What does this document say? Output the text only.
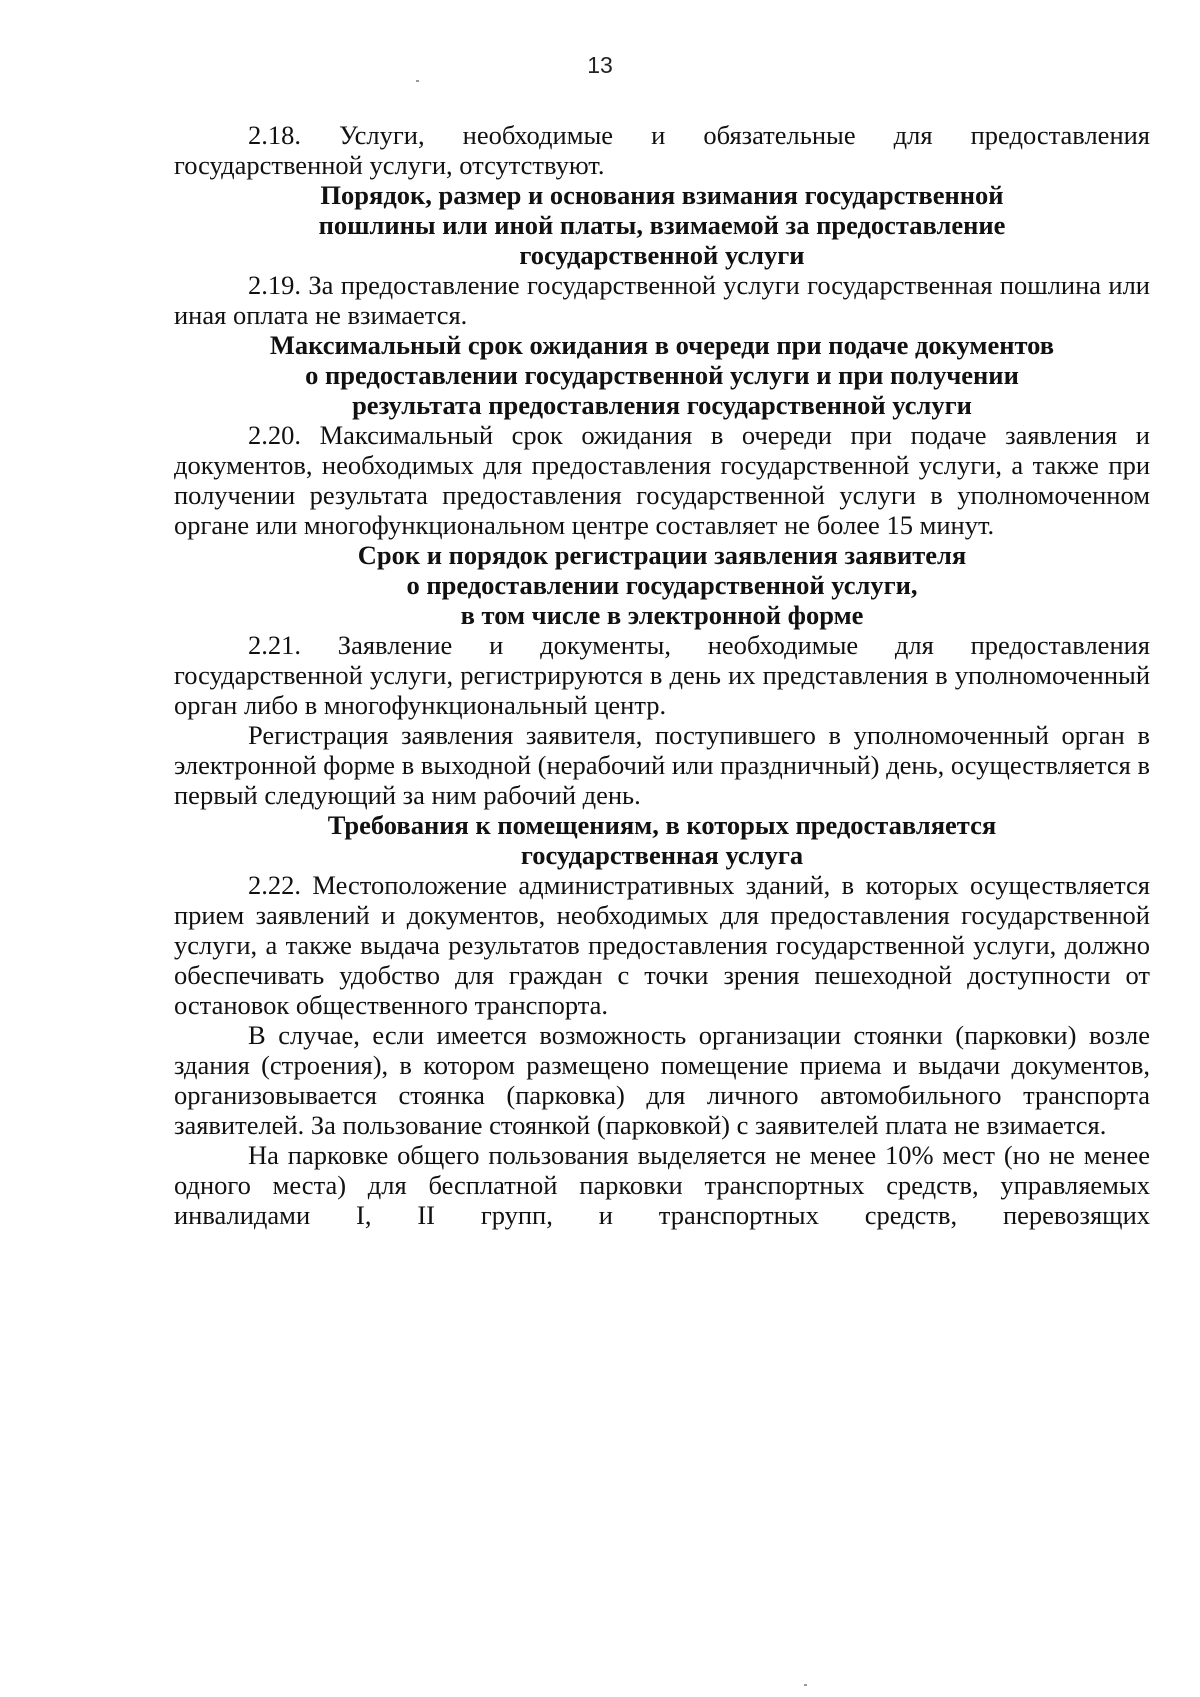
13

2.18. Услуги, необходимые и обязательные для предоставления государственной услуги, отсутствуют.

Порядок, размер и основания взимания государственной
пошлины или иной платы, взимаемой за предоставление
государственной услуги

2.19. За предоставление государственной услуги государственная пошлина или иная оплата не взимается.

Максимальный срок ожидания в очереди при подаче документов
о предоставлении государственной услуги и при получении
результата предоставления государственной услуги

2.20. Максимальный срок ожидания в очереди при подаче заявления и документов, необходимых для предоставления государственной услуги, а также при получении результата предоставления государственной услуги в уполномоченном органе или многофункциональном центре составляет не более 15 минут.

Срок и порядок регистрации заявления заявителя
о предоставлении государственной услуги,
в том числе в электронной форме

2.21. Заявление и документы, необходимые для предоставления государственной услуги, регистрируются в день их представления в уполномоченный орган либо в многофункциональный центр.

Регистрация заявления заявителя, поступившего в уполномоченный орган в электронной форме в выходной (нерабочий или праздничный) день, осуществляется в первый следующий за ним рабочий день.

Требования к помещениям, в которых предоставляется
государственная услуга

2.22. Местоположение административных зданий, в которых осуществляется прием заявлений и документов, необходимых для предоставления государственной услуги, а также выдача результатов предоставления государственной услуги, должно обеспечивать удобство для граждан с точки зрения пешеходной доступности от остановок общественного транспорта.

В случае, если имеется возможность организации стоянки (парковки) возле здания (строения), в котором размещено помещение приема и выдачи документов, организовывается стоянка (парковка) для личного автомобильного транспорта заявителей. За пользование стоянкой (парковкой) с заявителей плата не взимается.

На парковке общего пользования выделяется не менее 10% мест (но не менее одного места) для бесплатной парковки транспортных средств, управляемых инвалидами I, II групп, и транспортных средств, перевозящих
